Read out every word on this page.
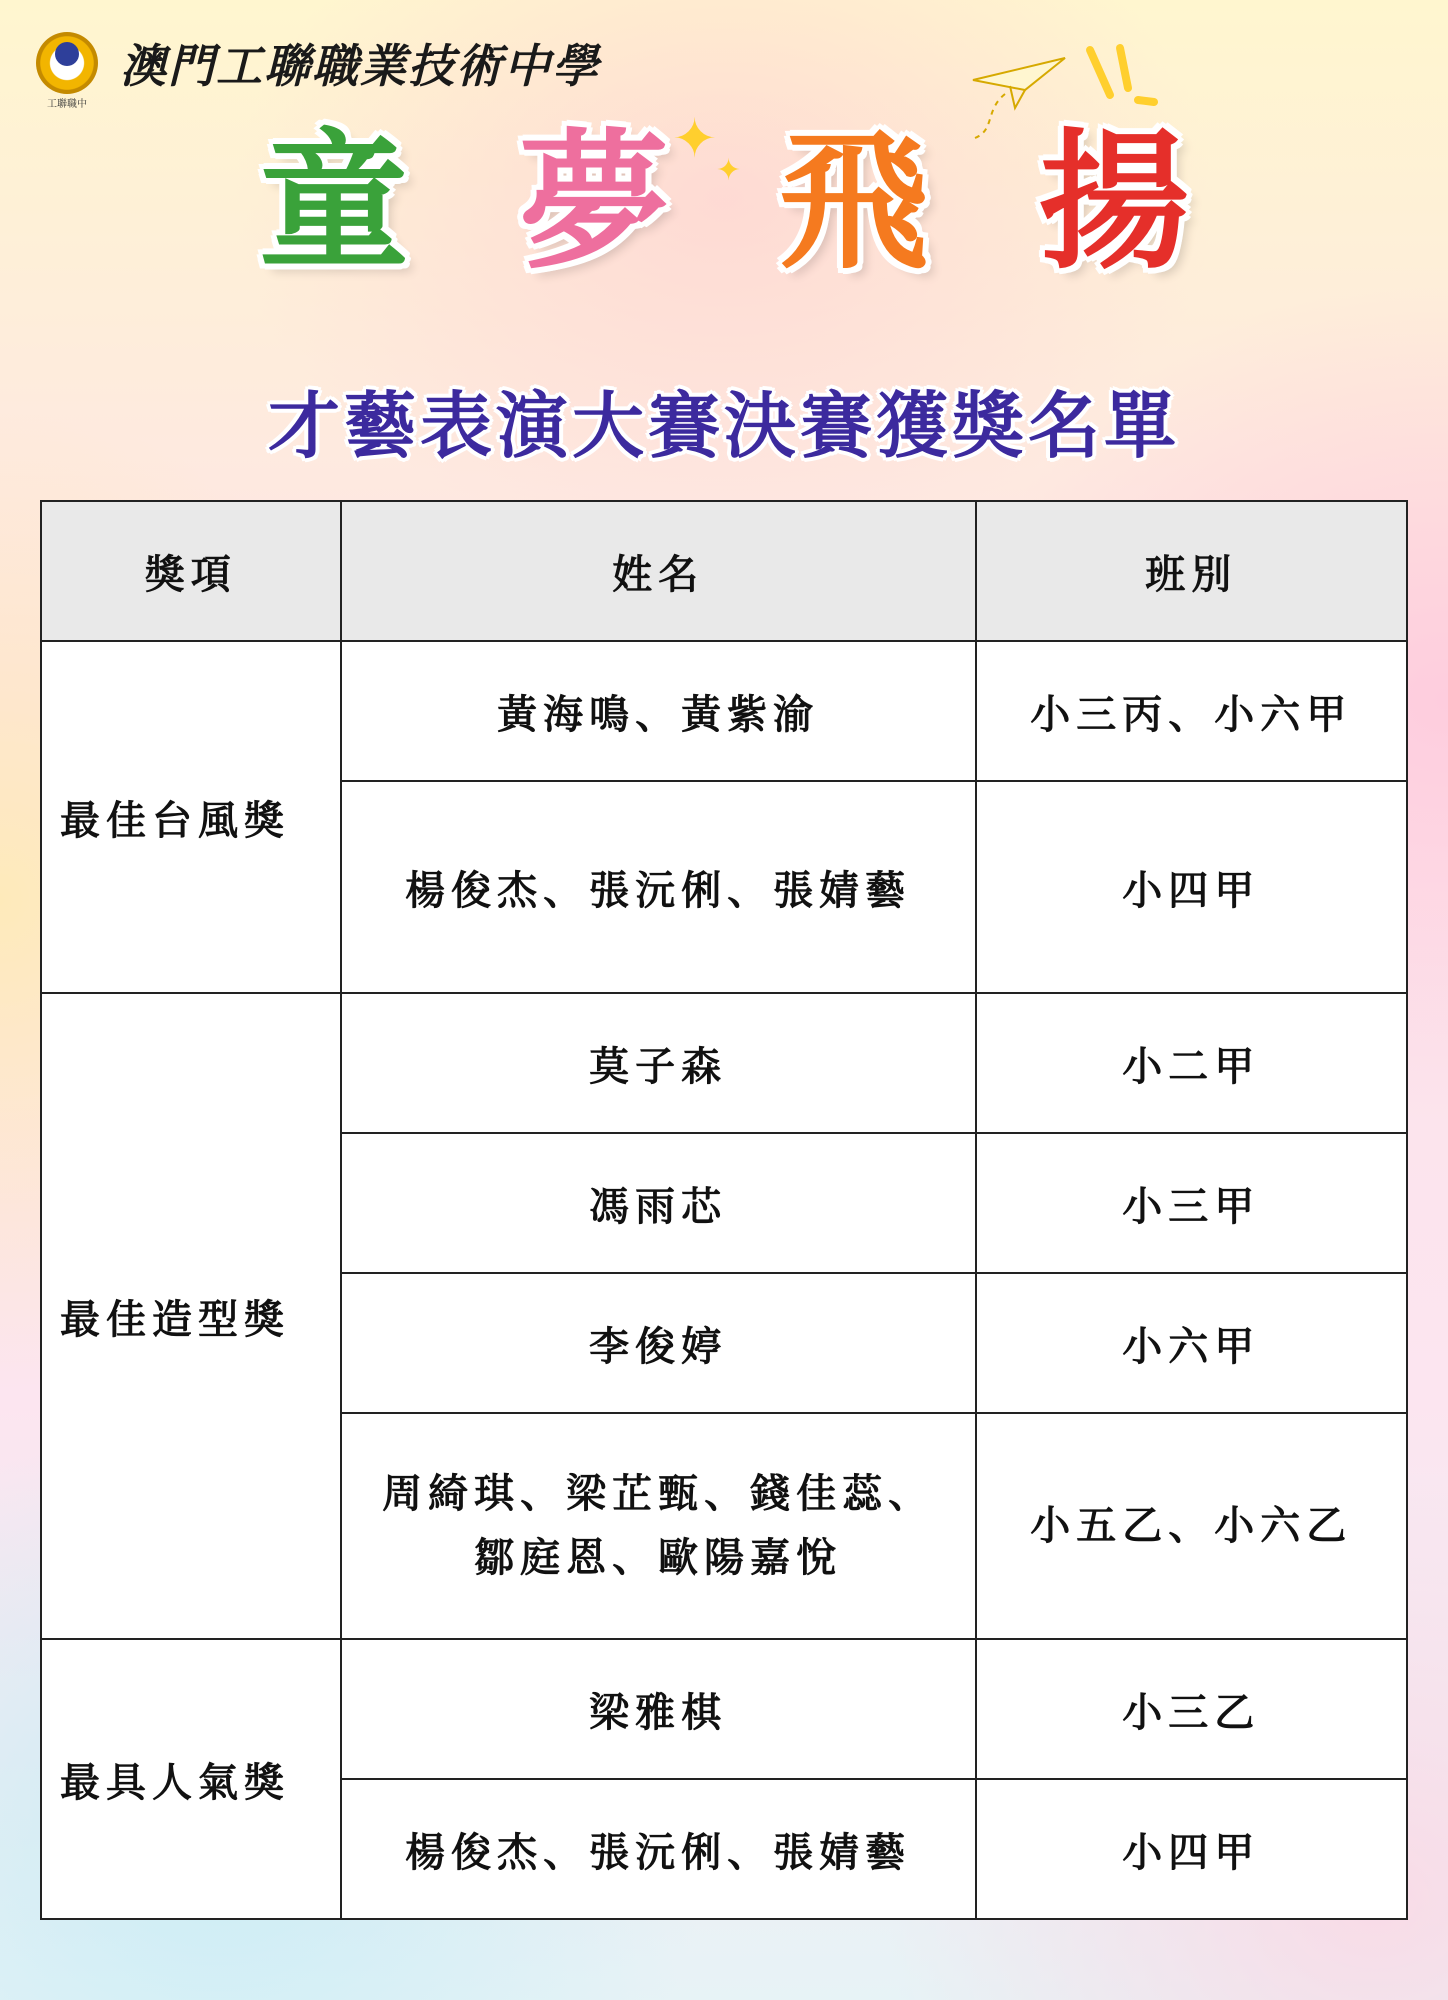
工聯職中
澳門工聯職業技術中學
✦
✦
童 夢 飛 揚
才藝表演大賽決賽獲獎名單
獎項	姓名	班別
最佳台風獎	黃海鳴、黃紫渝	小三丙、小六甲
	楊俊杰、張沅俐、張婧藝	小四甲
最佳造型獎	莫子森	小二甲
	馮雨芯	小三甲
	李俊婷	小六甲

	周綺琪、梁芷甄、錢佳蕊、
鄒庭恩、歐陽嘉悅	小五乙、小六乙
最具人氣獎	梁雅棋	小三乙
	楊俊杰、張沅俐、張婧藝	小四甲
